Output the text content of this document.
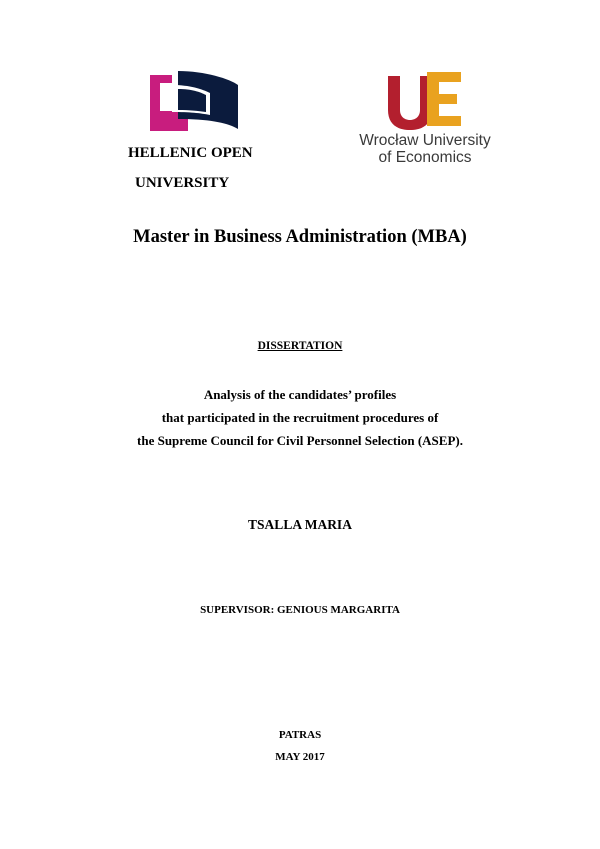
HELLENIC OPEN
UNIVERSITY
Wrocław University
of Economics
Master in Business Administration (MBA)
DISSERTATION
Analysis of the candidates’ profiles
that participated in the recruitment procedures of
the Supreme Council for Civil Personnel Selection (ASEP).
TSALLA MARIA
SUPERVISOR: GENIOUS MARGARITA
PATRAS
MAY 2017
